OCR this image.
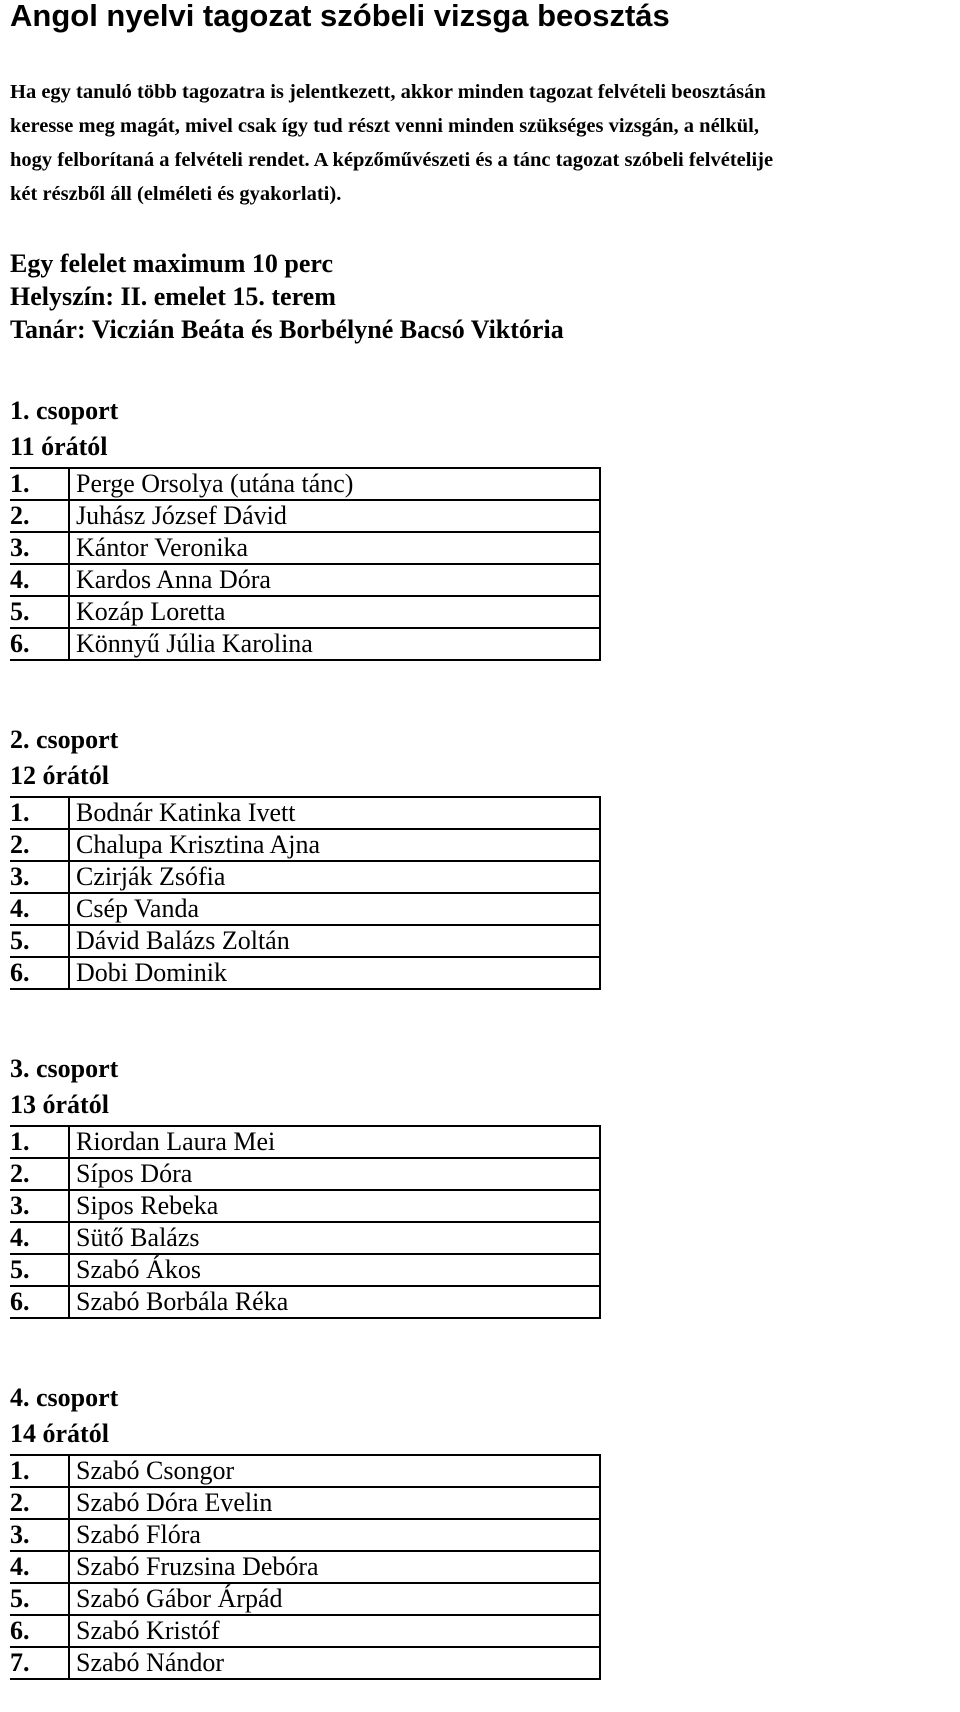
Angol nyelvi tagozat szóbeli vizsga beosztás

Ha egy tanuló több tagozatra is jelentkezett, akkor minden tagozat felvételi beosztásán

keresse meg magát, mivel csak így tud részt venni minden szükséges vizsgán, a nélkül,

hogy felborítaná a felvételi rendet. A képzőművészeti és a tánc tagozat szóbeli felvételije

két részből áll (elméleti és gyakorlati).

Egy felelet maximum 10 perc
Helyszín: II. emelet 15. terem
Tanár: Viczián Beáta és Borbélyné Bacsó Viktória
1. csoport
11 órától
1.	Perge Orsolya (utána tánc)
2.	Juhász József Dávid
3.	Kántor Veronika
4.	Kardos Anna Dóra
5.	Kozáp Loretta
6.	Könnyű Júlia Karolina
2. csoport
12 órától
1.	Bodnár Katinka Ivett
2.	Chalupa Krisztina Ajna
3.	Czirják Zsófia
4.	Csép Vanda
5.	Dávid Balázs Zoltán
6.	Dobi Dominik
3. csoport
13 órától
1.	Riordan Laura Mei
2.	Sípos Dóra
3.	Sipos Rebeka
4.	Sütő Balázs
5.	Szabó Ákos
6.	Szabó Borbála Réka
4. csoport
14 órától
1.	Szabó Csongor
2.	Szabó Dóra Evelin
3.	Szabó Flóra
4.	Szabó Fruzsina Debóra
5.	Szabó Gábor Árpád
6.	Szabó Kristóf
7.	Szabó Nándor
